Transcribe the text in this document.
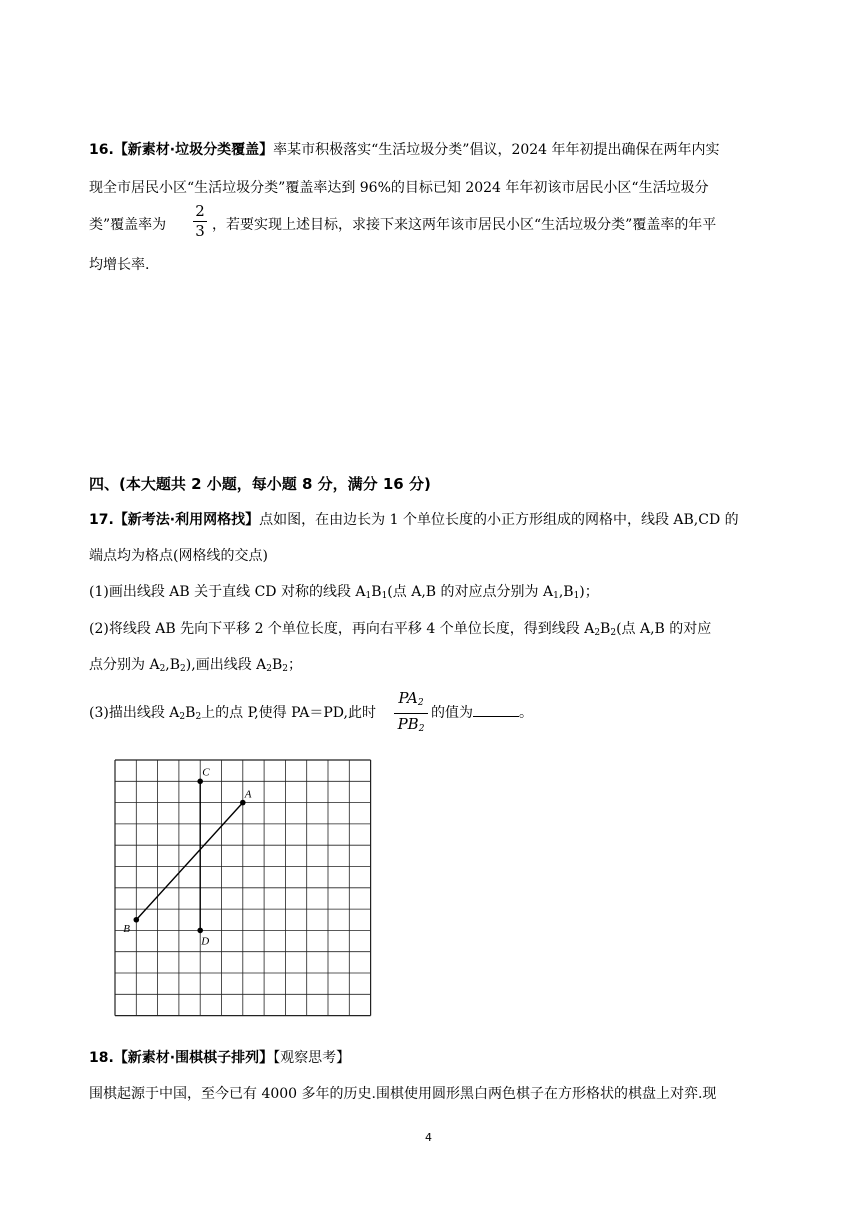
16.【新素材·垃圾分类覆盖】率某市积极落实“生活垃圾分类”倡议，2024 年年初提出确保在两年内实
现全市居民小区“生活垃圾分类”覆盖率达到 96%的目标已知 2024 年年初该市居民小区“生活垃圾分
类”覆盖率为
2
3 ，若要实现上述目标，求接下来这两年该市居民小区“生活垃圾分类”覆盖率的年平
均增长率.
四、(本大题共 2 小题，每小题 8 分，满分 16 分)
17.【新考法·利用网格找】点如图，在由边长为 1 个单位长度的小正方形组成的网格中，线段 AB,CD 的
端点均为格点(网格线的交点)
(1)画出线段 AB 关于直线 CD 对称的线段 $A_1B_1$(点 A,B 的对应点分别为 $A_1,B_1$)；
(2)将线段 AB 先向下平移 2 个单位长度，再向右平移 4 个单位长度，得到线段 $A_2B_2$(点 A,B 的对应
点分别为 $A_2,B_2$),画出线段 $A_2B_2$；
(3)描出线段 $A_2B_2$上的点 P,使得 PA＝PD,此时
$PA_2$
$PB_2$
的值为	。
C
A
B
D
18.【新素材·围棋棋子排列】【观察思考】
围棋起源于中国，至今已有 4000 多年的历史.围棋使用圆形黑白两色棋子在方形格状的棋盘上对弈.现
4
